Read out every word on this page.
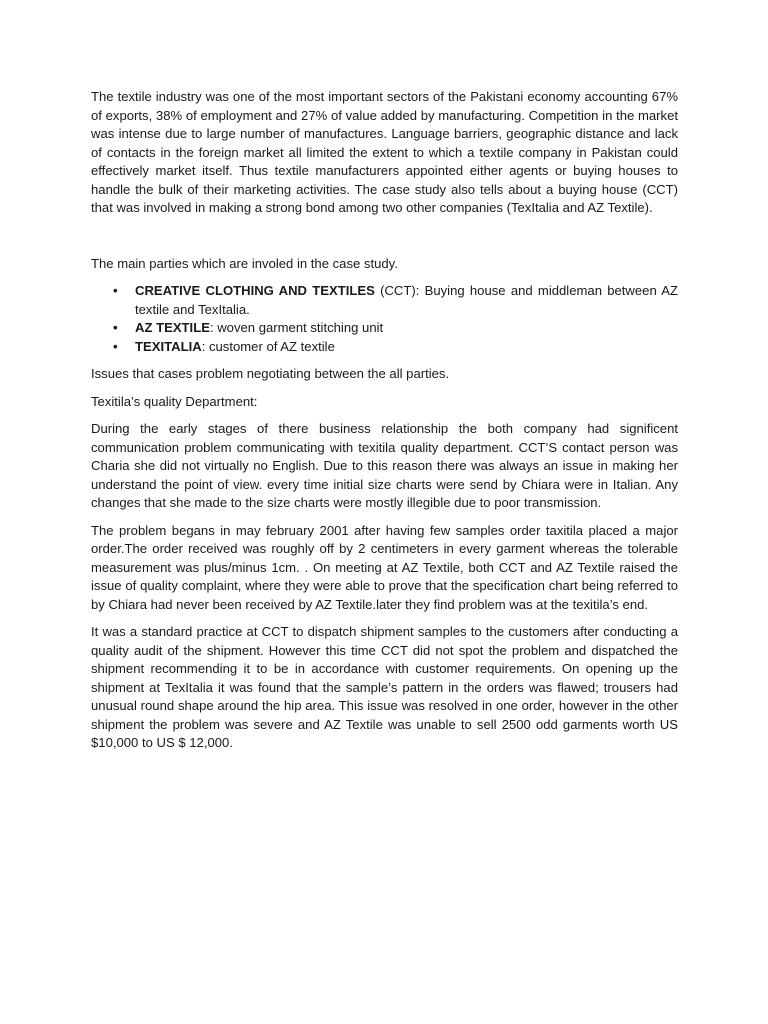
The textile industry was one of the most important sectors of the Pakistani economy accounting 67% of exports, 38% of employment and 27% of value added by manufacturing. Competition in the market was intense due to large number of manufactures. Language barriers, geographic distance and lack of contacts in the foreign market all limited the extent to which a textile company in Pakistan could effectively market itself. Thus textile manufacturers appointed either agents or buying houses to handle the bulk of their marketing activities. The case study also tells about a buying house (CCT) that was involved in making a strong bond among two other companies (TexItalia and AZ Textile).

The main parties which are involed in the case study.

• CREATIVE CLOTHING AND TEXTILES (CCT): Buying house and middleman between AZ textile and TexItalia.
• AZ TEXTILE: woven garment stitching unit
• TEXITALIA: customer of AZ textile

Issues that cases problem negotiating between the all parties.

Texitila’s quality Department:

During the early stages of there business relationship the both company had significent communication problem communicating with texitila quality department. CCT’S contact person was Charia she did not virtually no English. Due to this reason there was always an issue in making her understand the point of view. every time initial size charts were send by Chiara were in Italian. Any changes that she made to the size charts were mostly illegible due to poor transmission.

The problem begans in may february 2001 after having few samples order taxitila placed a major order.The order received was roughly off by 2 centimeters in every garment whereas the tolerable measurement was plus/minus 1cm. . On meeting at AZ Textile, both CCT and AZ Textile raised the issue of quality complaint, where they were able to prove that the specification chart being referred to by Chiara had never been received by AZ Textile.later they find problem was at the texitila’s end.

It was a standard practice at CCT to dispatch shipment samples to the customers after conducting a quality audit of the shipment. However this time CCT did not spot the problem and dispatched the shipment recommending it to be in accordance with customer requirements. On opening up the shipment at TexItalia it was found that the sample’s pattern in the orders was flawed; trousers had unusual round shape around the hip area. This issue was resolved in one order, however in the other shipment the problem was severe and AZ Textile was unable to sell 2500 odd garments worth US $10,000 to US $ 12,000.
